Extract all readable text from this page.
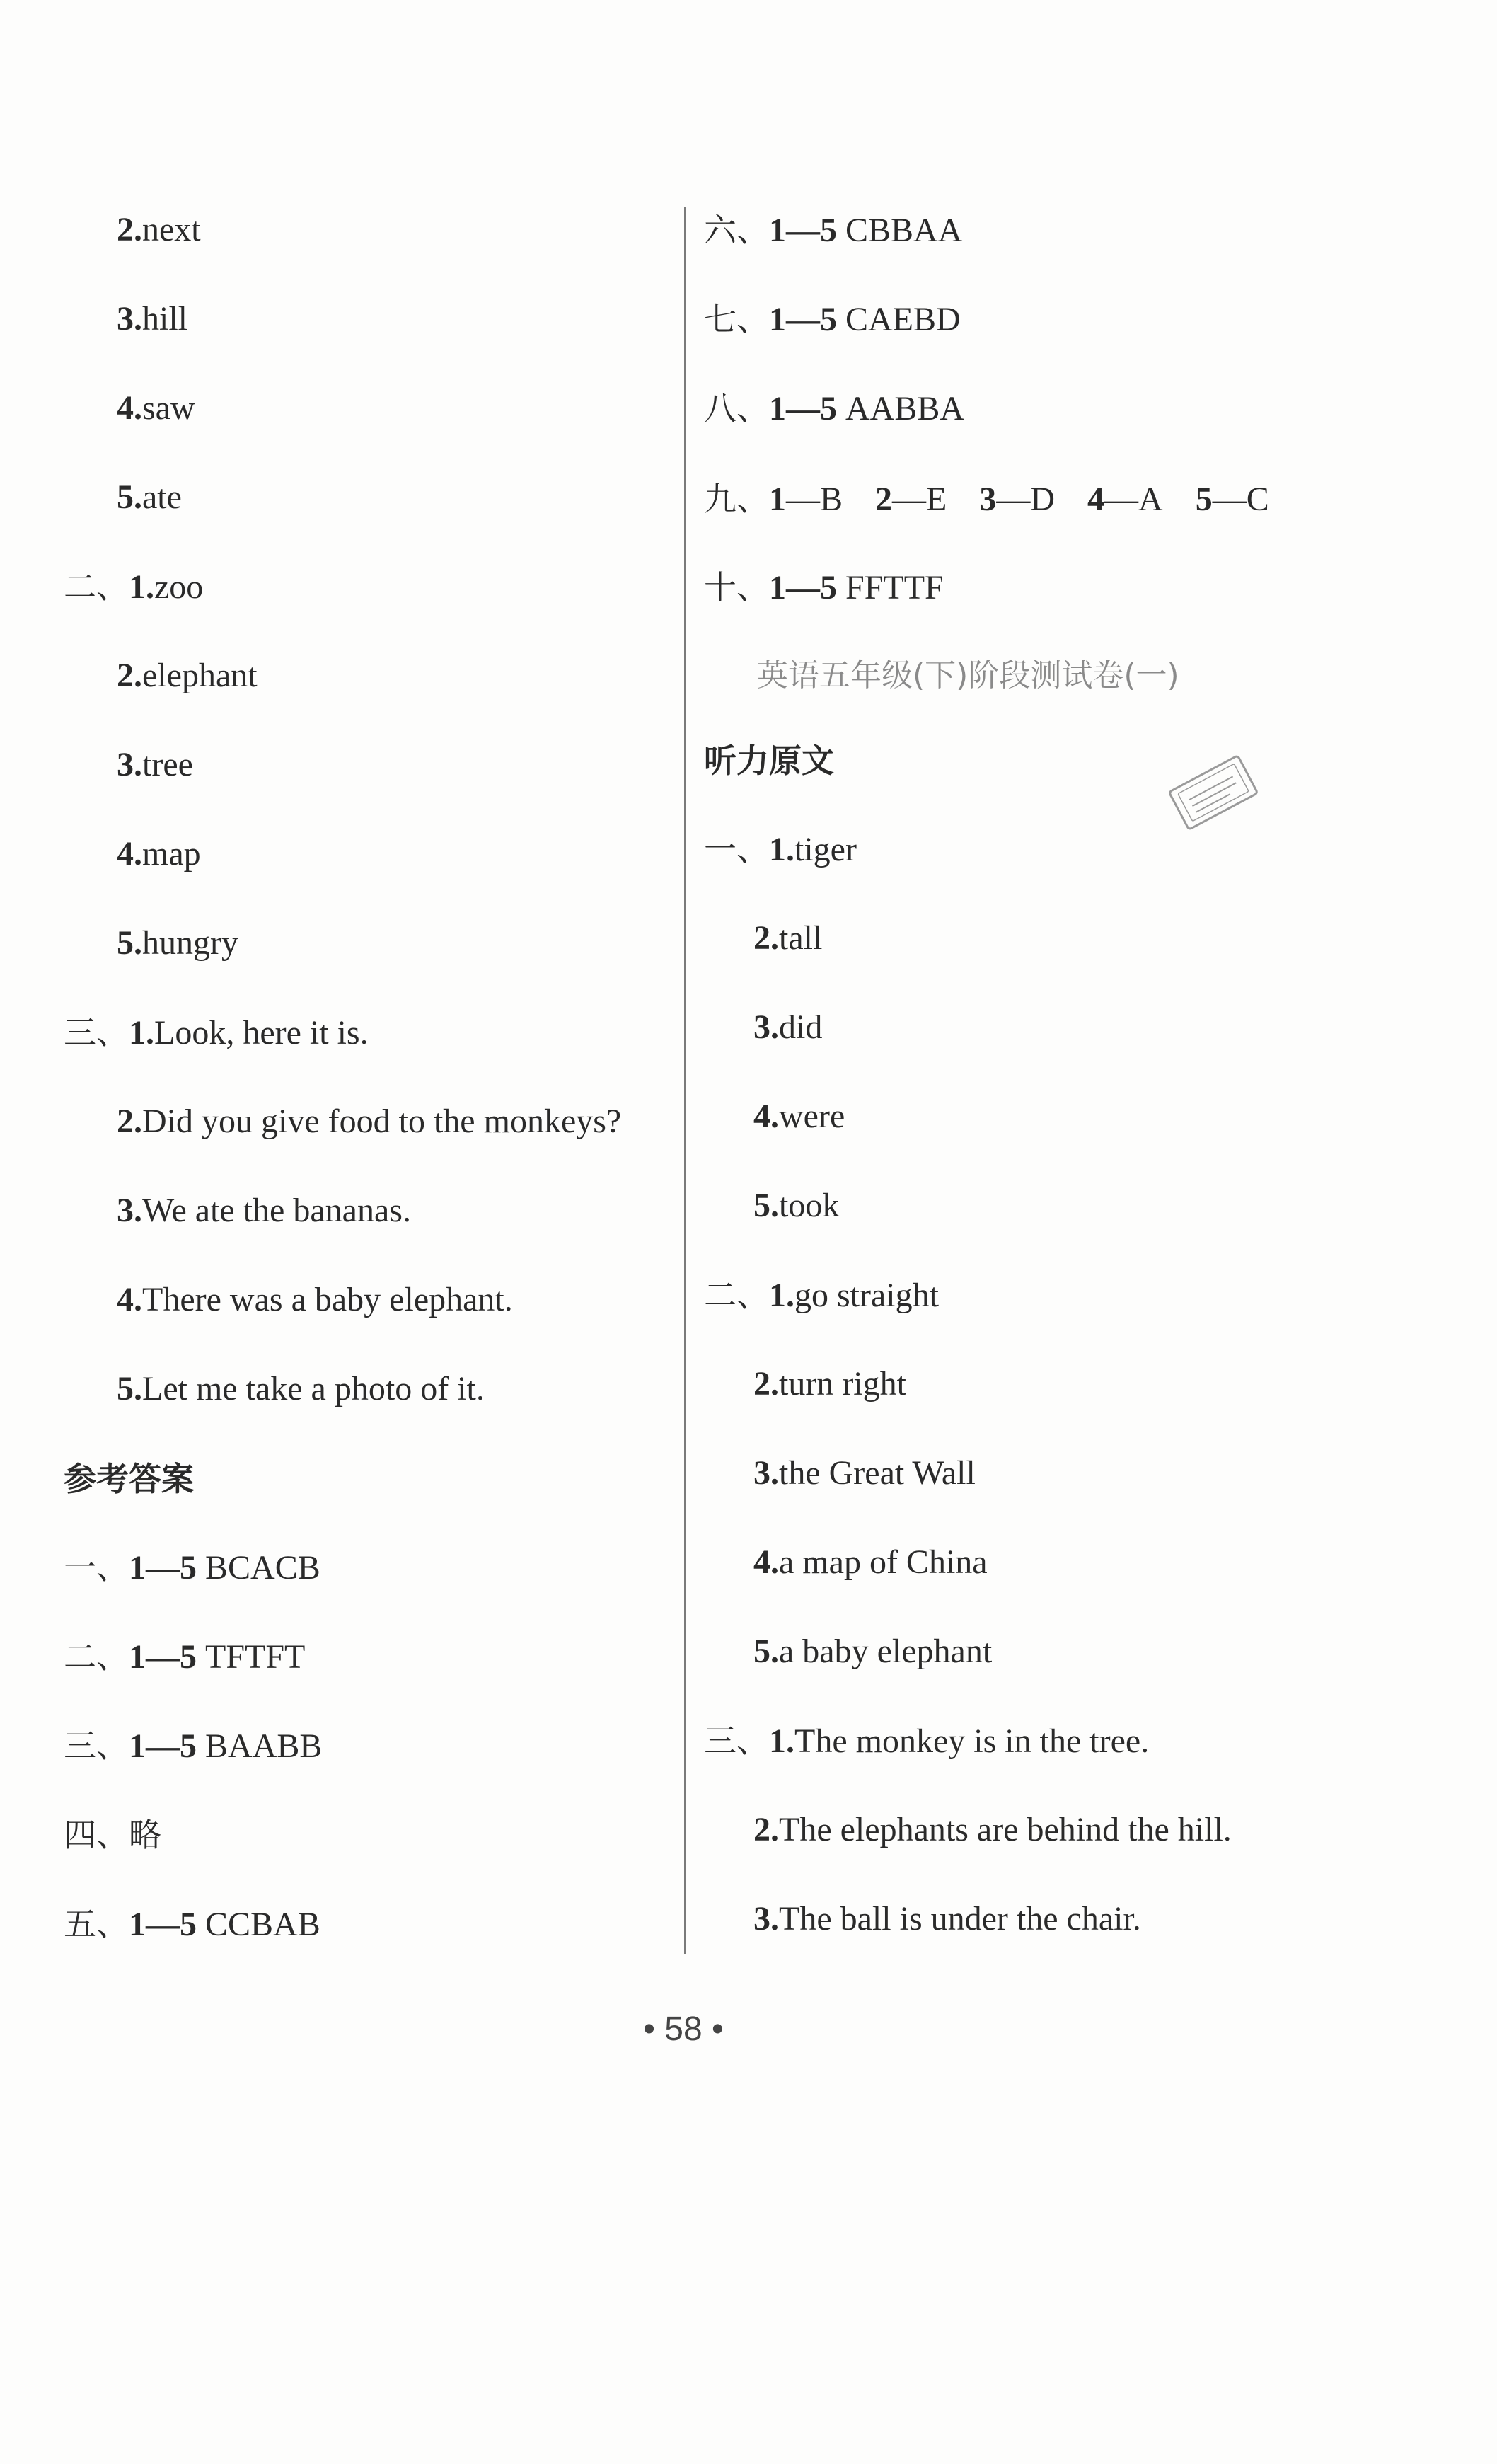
2.next
3.hill
4.saw
5.ate
二、1.zoo
2.elephant
3.tree
4.map
5.hungry
三、1.Look, here it is.
2.Did you give food to the monkeys?
3.We ate the bananas.
4.There was a baby elephant.
5.Let me take a photo of it.
参考答案
一、1—5 BCACB
二、1—5 TFTFT
三、1—5 BAABB
四、略
五、1—5 CCBAB
六、1—5 CBBAA
七、1—5 CAEBD
八、1—5 AABBA
九、1—B 2—E 3—D 4—A 5—C
十、1—5 FFTTF
英语五年级(下)阶段测试卷(一)
听力原文
一、1.tiger
2.tall
3.did
4.were
5.took
二、1.go straight
2.turn right
3.the Great Wall
4.a map of China
5.a baby elephant
三、1.The monkey is in the tree.
2.The elephants are behind the hill.
3.The ball is under the chair.
• 58 •
